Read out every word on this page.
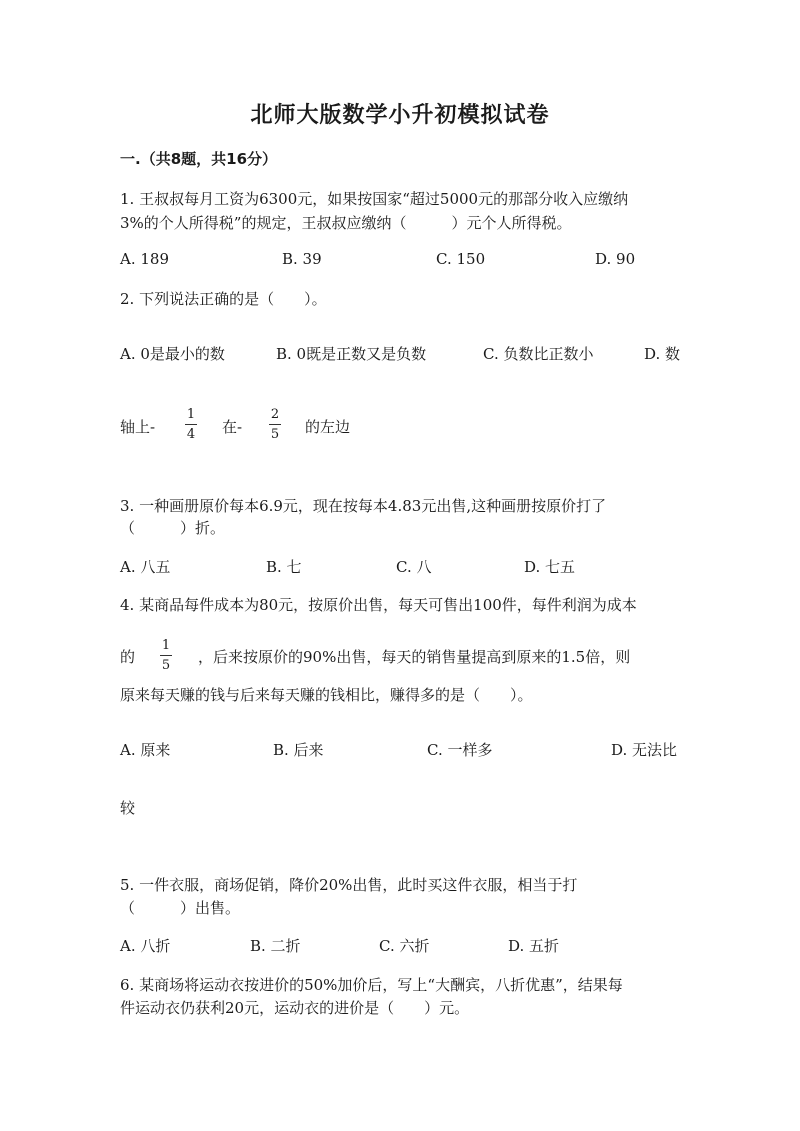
北师大版数学小升初模拟试卷
一.（共8题，共16分）
1. 王叔叔每月工资为6300元，如果按国家“超过5000元的那部分收入应缴纳
3%的个人所得税”的规定，王叔叔应缴纳（　　　）元个人所得税。
A. 189	B. 39	C. 150	D. 90
2. 下列说法正确的是（　　）。
A. 0是最小的数	B. 0既是正数又是负数	C. 负数比正数小	D. 数
轴上-
1
4 在-
2
5 的左边
3. 一种画册原价每本6.9元，现在按每本4.83元出售,这种画册按原价打了
（　　　）折。
A. 八五	B. 七	C. 八	D. 七五
4. 某商品每件成本为80元，按原价出售，每天可售出100件，每件利润为成本
的
1
5 ，后来按原价的90%出售，每天的销售量提高到原来的1.5倍，则
原来每天赚的钱与后来每天赚的钱相比，赚得多的是（　　）。
A. 原来	B. 后来	C. 一样多	D. 无法比
较
5. 一件衣服，商场促销，降价20%出售，此时买这件衣服，相当于打
（　　　）出售。
A. 八折	B. 二折	C. 六折	D. 五折
6. 某商场将运动衣按进价的50%加价后，写上“大酬宾，八折优惠”，结果每
件运动衣仍获利20元，运动衣的进价是（　　）元。
